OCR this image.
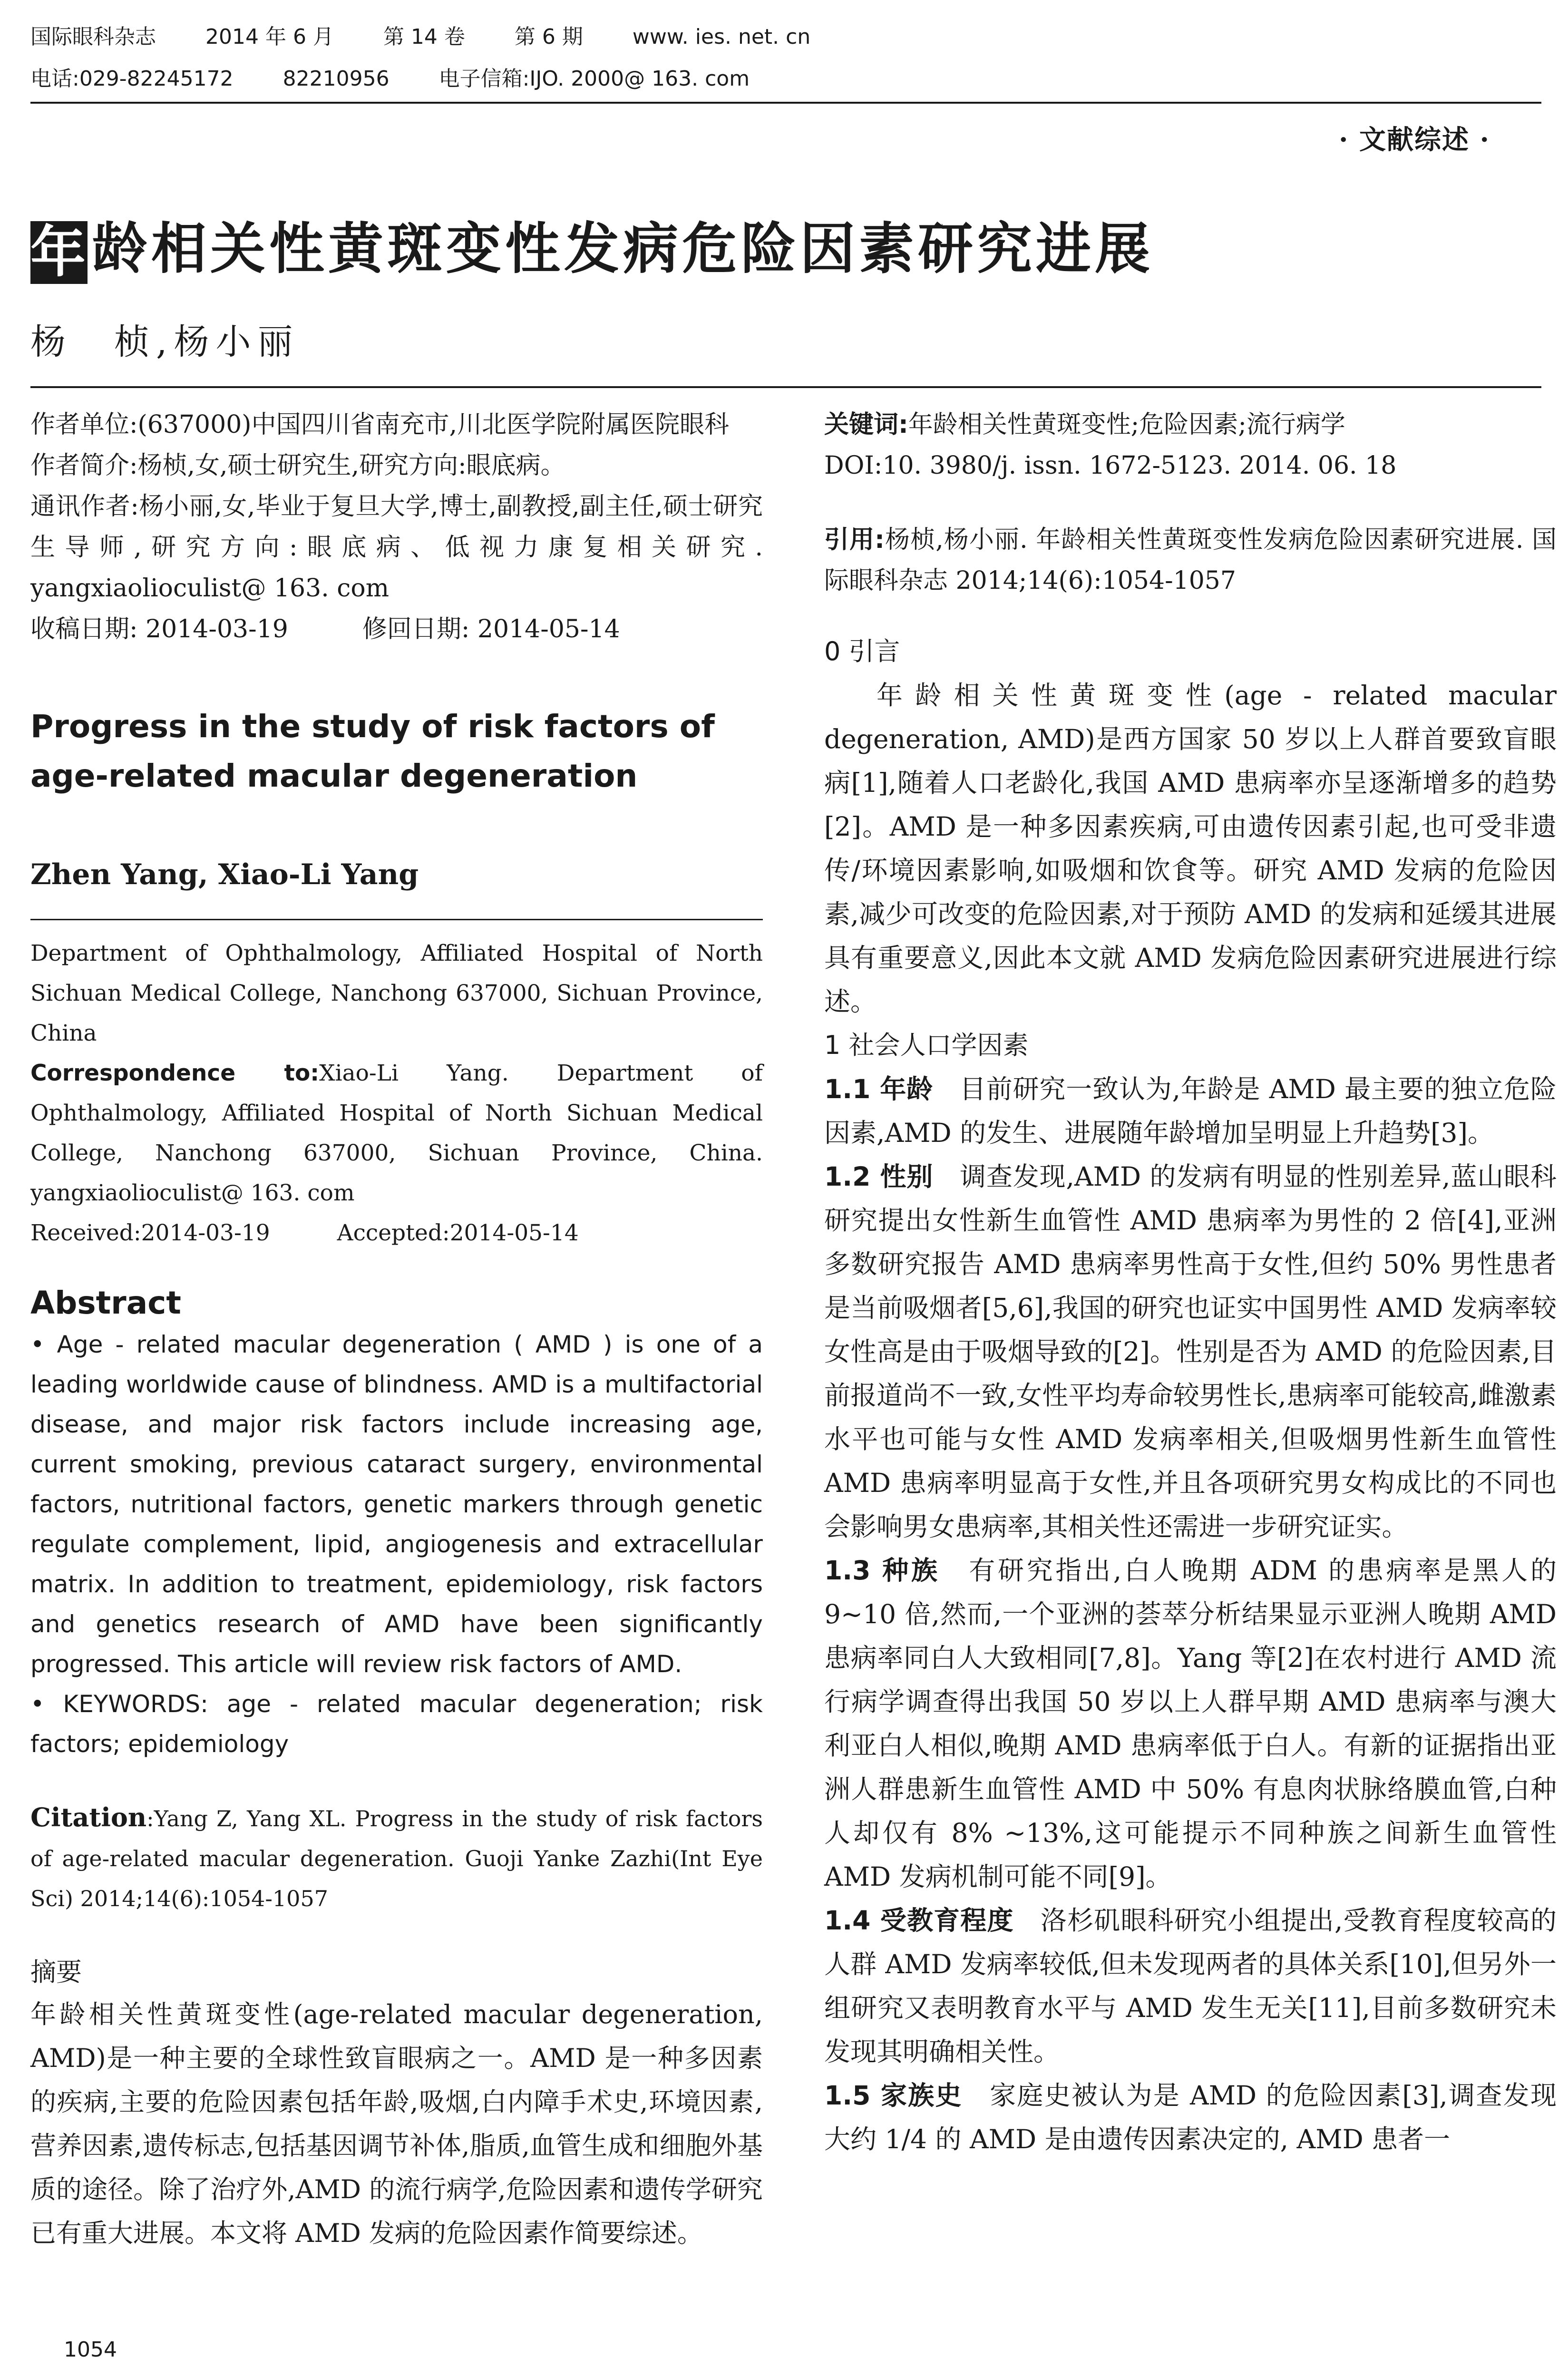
国际眼科杂志 2014 年 6 月 第 14 卷 第 6 期 www. ies. net. cn
电话:029-82245172 82210956 电子信箱:IJO. 2000@ 163. com
· 文献综述 ·
年龄相关性黄斑变性发病危险因素研究进展
杨　桢,杨小丽

作者单位:(637000)中国四川省南充市,川北医学院附属医院眼科

作者简介:杨桢,女,硕士研究生,研究方向:眼底病。

通讯作者:杨小丽,女,毕业于复旦大学,博士,副教授,副主任,硕士研究生导师,研究方向:眼底病、低视力康复相关研究. yangxiaolioculist@ 163. com

收稿日期: 2014-03-19　　　修回日期: 2014-05-14

Progress in the study of risk factors of age-related macular degeneration

Zhen Yang, Xiao-Li Yang

Department of Ophthalmology, Affiliated Hospital of North Sichuan Medical College, Nanchong 637000, Sichuan Province, China

Correspondence to:Xiao-Li Yang. Department of Ophthalmology, Affiliated Hospital of North Sichuan Medical College, Nanchong 637000, Sichuan Province, China. yangxiaolioculist@ 163. com

Received:2014-03-19　　　Accepted:2014-05-14

Abstract

• Age - related macular degeneration ( AMD ) is one of a leading worldwide cause of blindness. AMD is a multifactorial disease, and major risk factors include increasing age, current smoking, previous cataract surgery, environmental factors, nutritional factors, genetic markers through genetic regulate complement, lipid, angiogenesis and extracellular matrix. In addition to treatment, epidemiology, risk factors and genetics research of AMD have been significantly progressed. This article will review risk factors of AMD.

• KEYWORDS: age - related macular degeneration; risk factors; epidemiology

Citation:Yang Z, Yang XL. Progress in the study of risk factors of age-related macular degeneration. Guoji Yanke Zazhi(Int Eye Sci) 2014;14(6):1054-1057

摘要

年龄相关性黄斑变性(age-related macular degeneration, AMD)是一种主要的全球性致盲眼病之一。AMD 是一种多因素的疾病,主要的危险因素包括年龄,吸烟,白内障手术史,环境因素,营养因素,遗传标志,包括基因调节补体,脂质,血管生成和细胞外基质的途径。除了治疗外,AMD 的流行病学,危险因素和遗传学研究已有重大进展。本文将 AMD 发病的危险因素作简要综述。

1054

关键词:年龄相关性黄斑变性;危险因素;流行病学

DOI:10. 3980/j. issn. 1672-5123. 2014. 06. 18

引用:杨桢,杨小丽. 年龄相关性黄斑变性发病危险因素研究进展. 国际眼科杂志 2014;14(6):1054-1057

0 引言

年龄相关性黄斑变性(age - related macular degeneration, AMD)是西方国家 50 岁以上人群首要致盲眼病[1],随着人口老龄化,我国 AMD 患病率亦呈逐渐增多的趋势[2]。AMD 是一种多因素疾病,可由遗传因素引起,也可受非遗传/环境因素影响,如吸烟和饮食等。研究 AMD 发病的危险因素,减少可改变的危险因素,对于预防 AMD 的发病和延缓其进展具有重要意义,因此本文就 AMD 发病危险因素研究进展进行综述。

1 社会人口学因素

1.1 年龄　 目前研究一致认为,年龄是 AMD 最主要的独立危险因素,AMD 的发生、进展随年龄增加呈明显上升趋势[3]。

1.2 性别　 调查发现,AMD 的发病有明显的性别差异,蓝山眼科研究提出女性新生血管性 AMD 患病率为男性的 2 倍[4],亚洲多数研究报告 AMD 患病率男性高于女性,但约 50% 男性患者是当前吸烟者[5,6],我国的研究也证实中国男性 AMD 发病率较女性高是由于吸烟导致的[2]。性别是否为 AMD 的危险因素,目前报道尚不一致,女性平均寿命较男性长,患病率可能较高,雌激素水平也可能与女性 AMD 发病率相关,但吸烟男性新生血管性 AMD 患病率明显高于女性,并且各项研究男女构成比的不同也会影响男女患病率,其相关性还需进一步研究证实。

1.3 种族　 有研究指出,白人晚期 ADM 的患病率是黑人的 9~10 倍,然而,一个亚洲的荟萃分析结果显示亚洲人晚期 AMD 患病率同白人大致相同[7,8]。Yang 等[2]在农村进行 AMD 流行病学调查得出我国 50 岁以上人群早期 AMD 患病率与澳大利亚白人相似,晚期 AMD 患病率低于白人。有新的证据指出亚洲人群患新生血管性 AMD 中 50% 有息肉状脉络膜血管,白种人却仅有 8% ~13%,这可能提示不同种族之间新生血管性 AMD 发病机制可能不同[9]。

1.4 受教育程度　 洛杉矶眼科研究小组提出,受教育程度较高的人群 AMD 发病率较低,但未发现两者的具体关系[10],但另外一组研究又表明教育水平与 AMD 发生无关[11],目前多数研究未发现其明确相关性。

1.5 家族史　 家庭史被认为是 AMD 的危险因素[3],调查发现大约 1/4 的 AMD 是由遗传因素决定的, AMD 患者一
